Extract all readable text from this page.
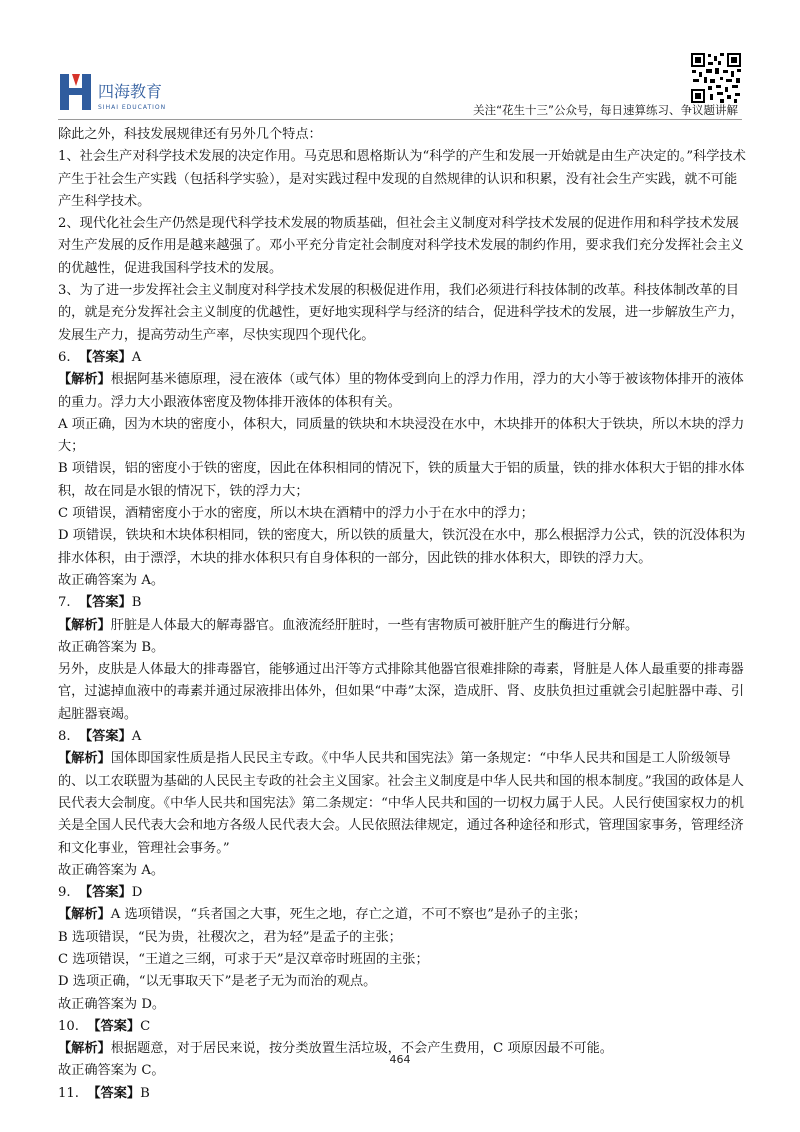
四海教育
SIHAI EDUCATION	关注“花生十三”公众号，每日速算练习、争议题讲解

除此之外，科技发展规律还有另外几个特点：

1、社会生产对科学技术发展的决定作用。马克思和恩格斯认为“科学的产生和发展一开始就是由生产决定的。”科学技术产生于社会生产实践（包括科学实验），是对实践过程中发现的自然规律的认识和积累，没有社会生产实践，就不可能产生科学技术。

2、现代化社会生产仍然是现代科学技术发展的物质基础，但社会主义制度对科学技术发展的促进作用和科学技术发展对生产发展的反作用是越来越强了。邓小平充分肯定社会制度对科学技术发展的制约作用，要求我们充分发挥社会主义的优越性，促进我国科学技术的发展。

3、为了进一步发挥社会主义制度对科学技术发展的积极促进作用，我们必须进行科技体制的改革。科技体制改革的目的，就是充分发挥社会主义制度的优越性，更好地实现科学与经济的结合，促进科学技术的发展，进一步解放生产力，发展生产力，提高劳动生产率，尽快实现四个现代化。

6. 【答案】A

【解析】根据阿基米德原理，浸在液体（或气体）里的物体受到向上的浮力作用，浮力的大小等于被该物体排开的液体的重力。浮力大小跟液体密度及物体排开液体的体积有关。

A 项正确，因为木块的密度小，体积大，同质量的铁块和木块浸没在水中，木块排开的体积大于铁块，所以木块的浮力大；

B 项错误，铝的密度小于铁的密度，因此在体积相同的情况下，铁的质量大于铝的质量，铁的排水体积大于铝的排水体积，故在同是水银的情况下，铁的浮力大；

C 项错误，酒精密度小于水的密度，所以木块在酒精中的浮力小于在水中的浮力；

D 项错误，铁块和木块体积相同，铁的密度大，所以铁的质量大，铁沉没在水中，那么根据浮力公式，铁的沉没体积为排水体积，由于漂浮，木块的排水体积只有自身体积的一部分，因此铁的排水体积大，即铁的浮力大。

故正确答案为 A。

7. 【答案】B

【解析】肝脏是人体最大的解毒器官。血液流经肝脏时，一些有害物质可被肝脏产生的酶进行分解。

故正确答案为 B。

另外，皮肤是人体最大的排毒器官，能够通过出汗等方式排除其他器官很难排除的毒素，肾脏是人体人最重要的排毒器官，过滤掉血液中的毒素并通过尿液排出体外，但如果“中毒”太深，造成肝、肾、皮肤负担过重就会引起脏器中毒、引起脏器衰竭。

8. 【答案】A

【解析】国体即国家性质是指人民民主专政。《中华人民共和国宪法》第一条规定：“中华人民共和国是工人阶级领导的、以工农联盟为基础的人民民主专政的社会主义国家。社会主义制度是中华人民共和国的根本制度。”我国的政体是人民代表大会制度。《中华人民共和国宪法》第二条规定：“中华人民共和国的一切权力属于人民。人民行使国家权力的机关是全国人民代表大会和地方各级人民代表大会。人民依照法律规定，通过各种途径和形式，管理国家事务，管理经济和文化事业，管理社会事务。”

故正确答案为 A。

9. 【答案】D

【解析】A 选项错误，“兵者国之大事，死生之地，存亡之道，不可不察也”是孙子的主张；

B 选项错误，“民为贵，社稷次之，君为轻”是孟子的主张；

C 选项错误，“王道之三纲，可求于天”是汉章帝时班固的主张；

D 选项正确，“以无事取天下”是老子无为而治的观点。

故正确答案为 D。

10. 【答案】C

【解析】根据题意，对于居民来说，按分类放置生活垃圾，不会产生费用，C 项原因最不可能。

故正确答案为 C。

11. 【答案】B

464
